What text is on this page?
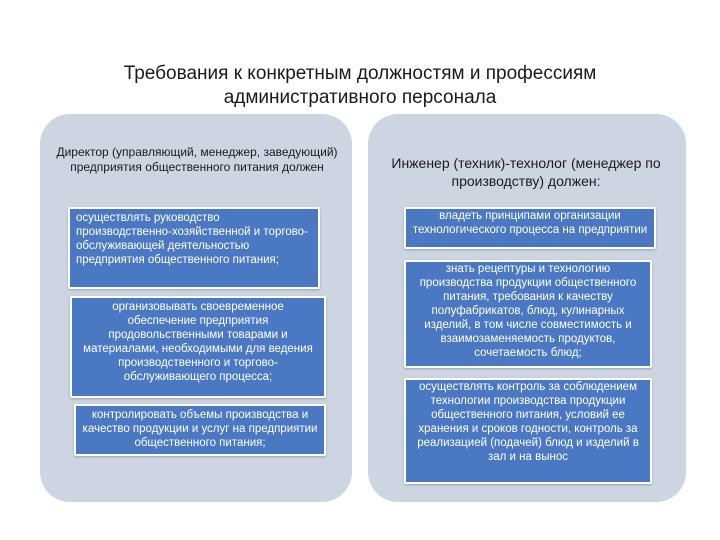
Требования к конкретным должностям и профессиям административного персонала
Директор (управляющий, менеджер, заведующий) предприятия общественного питания должен	Инженер (техник)-технолог (менеджер по производству) должен:
осуществлять руководство производственно-хозяйственной и торгово-обслуживающей деятельностью предприятия общественного питания;
организовывать своевременное обеспечение предприятия продовольственными товарами и материалами, необходимыми для ведения производственного и торгово-обслуживающего процесса;
контролировать объемы производства и качество продукции и услуг на предприятии общественного питания;
владеть принципами организации технологического процесса на предприятии
знать рецептуры и технологию производства продукции общественного питания, требования к качеству полуфабрикатов, блюд, кулинарных изделий, в том числе совместимость и взаимозаменяемость продуктов, сочетаемость блюд;
осуществлять контроль за соблюдением технологии производства продукции общественного питания, условий ее хранения и сроков годности, контроль за реализацией (подачей) блюд и изделий в зал и на вынос
